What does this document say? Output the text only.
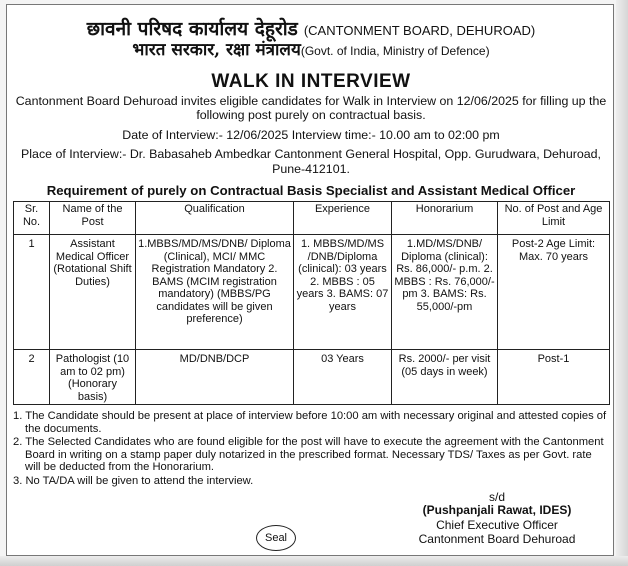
छावनी परिषद कार्यालय देहूरोड (CANTONMENT BOARD, DEHUROAD)
भारत सरकार, रक्षा मंत्रालय(Govt. of India, Ministry of Defence)
WALK IN INTERVIEW
Cantonment Board Dehuroad invites eligible candidates for Walk in Interview on 12/06/2025 for filling up the following post purely on contractual basis.
Date of Interview:- 12/06/2025 Interview time:- 10.00 am to 02:00 pm
Place of Interview:- Dr. Babasaheb Ambedkar Cantonment General Hospital, Opp. Gurudwara, Dehuroad, Pune-412101.
Requirement of purely on Contractual Basis Specialist and Assistant Medical Officer
Sr. No.	Name of the Post	Qualification	Experience	Honorarium	No. of Post and Age Limit
1	Assistant Medical Officer (Rotational Shift Duties)	1.MBBS/MD/MS/DNB/ Diploma (Clinical), MCI/ MMC Registration Mandatory 2. BAMS (MCIM registration mandatory) (MBBS/PG candidates will be given preference)	1. MBBS/MD/MS /DNB/Diploma (clinical): 03 years 2. MBBS : 05 years 3. BAMS: 07 years	1.MD/MS/DNB/ Diploma (clinical): Rs. 86,000/- p.m. 2. MBBS : Rs. 76,000/-pm 3. BAMS: Rs. 55,000/-pm	Post-2 Age Limit: Max. 70 years
2	Pathologist (10 am to 02 pm) (Honorary basis)	MD/DNB/DCP	03 Years	Rs. 2000/- per visit (05 days in week)	Post-1
1. The Candidate should be present at place of interview before 10:00 am with necessary original and attested copies of the documents.
2. The Selected Candidates who are found eligible for the post will have to execute the agreement with the Cantonment Board in writing on a stamp paper duly notarized in the prescribed format. Necessary TDS/ Taxes as per Govt. rate will be deducted from the Honorarium.
3. No TA/DA will be given to attend the interview.
s/d
(Pushpanjali Rawat, IDES)
Chief Executive Officer
Cantonment Board Dehuroad
Seal
